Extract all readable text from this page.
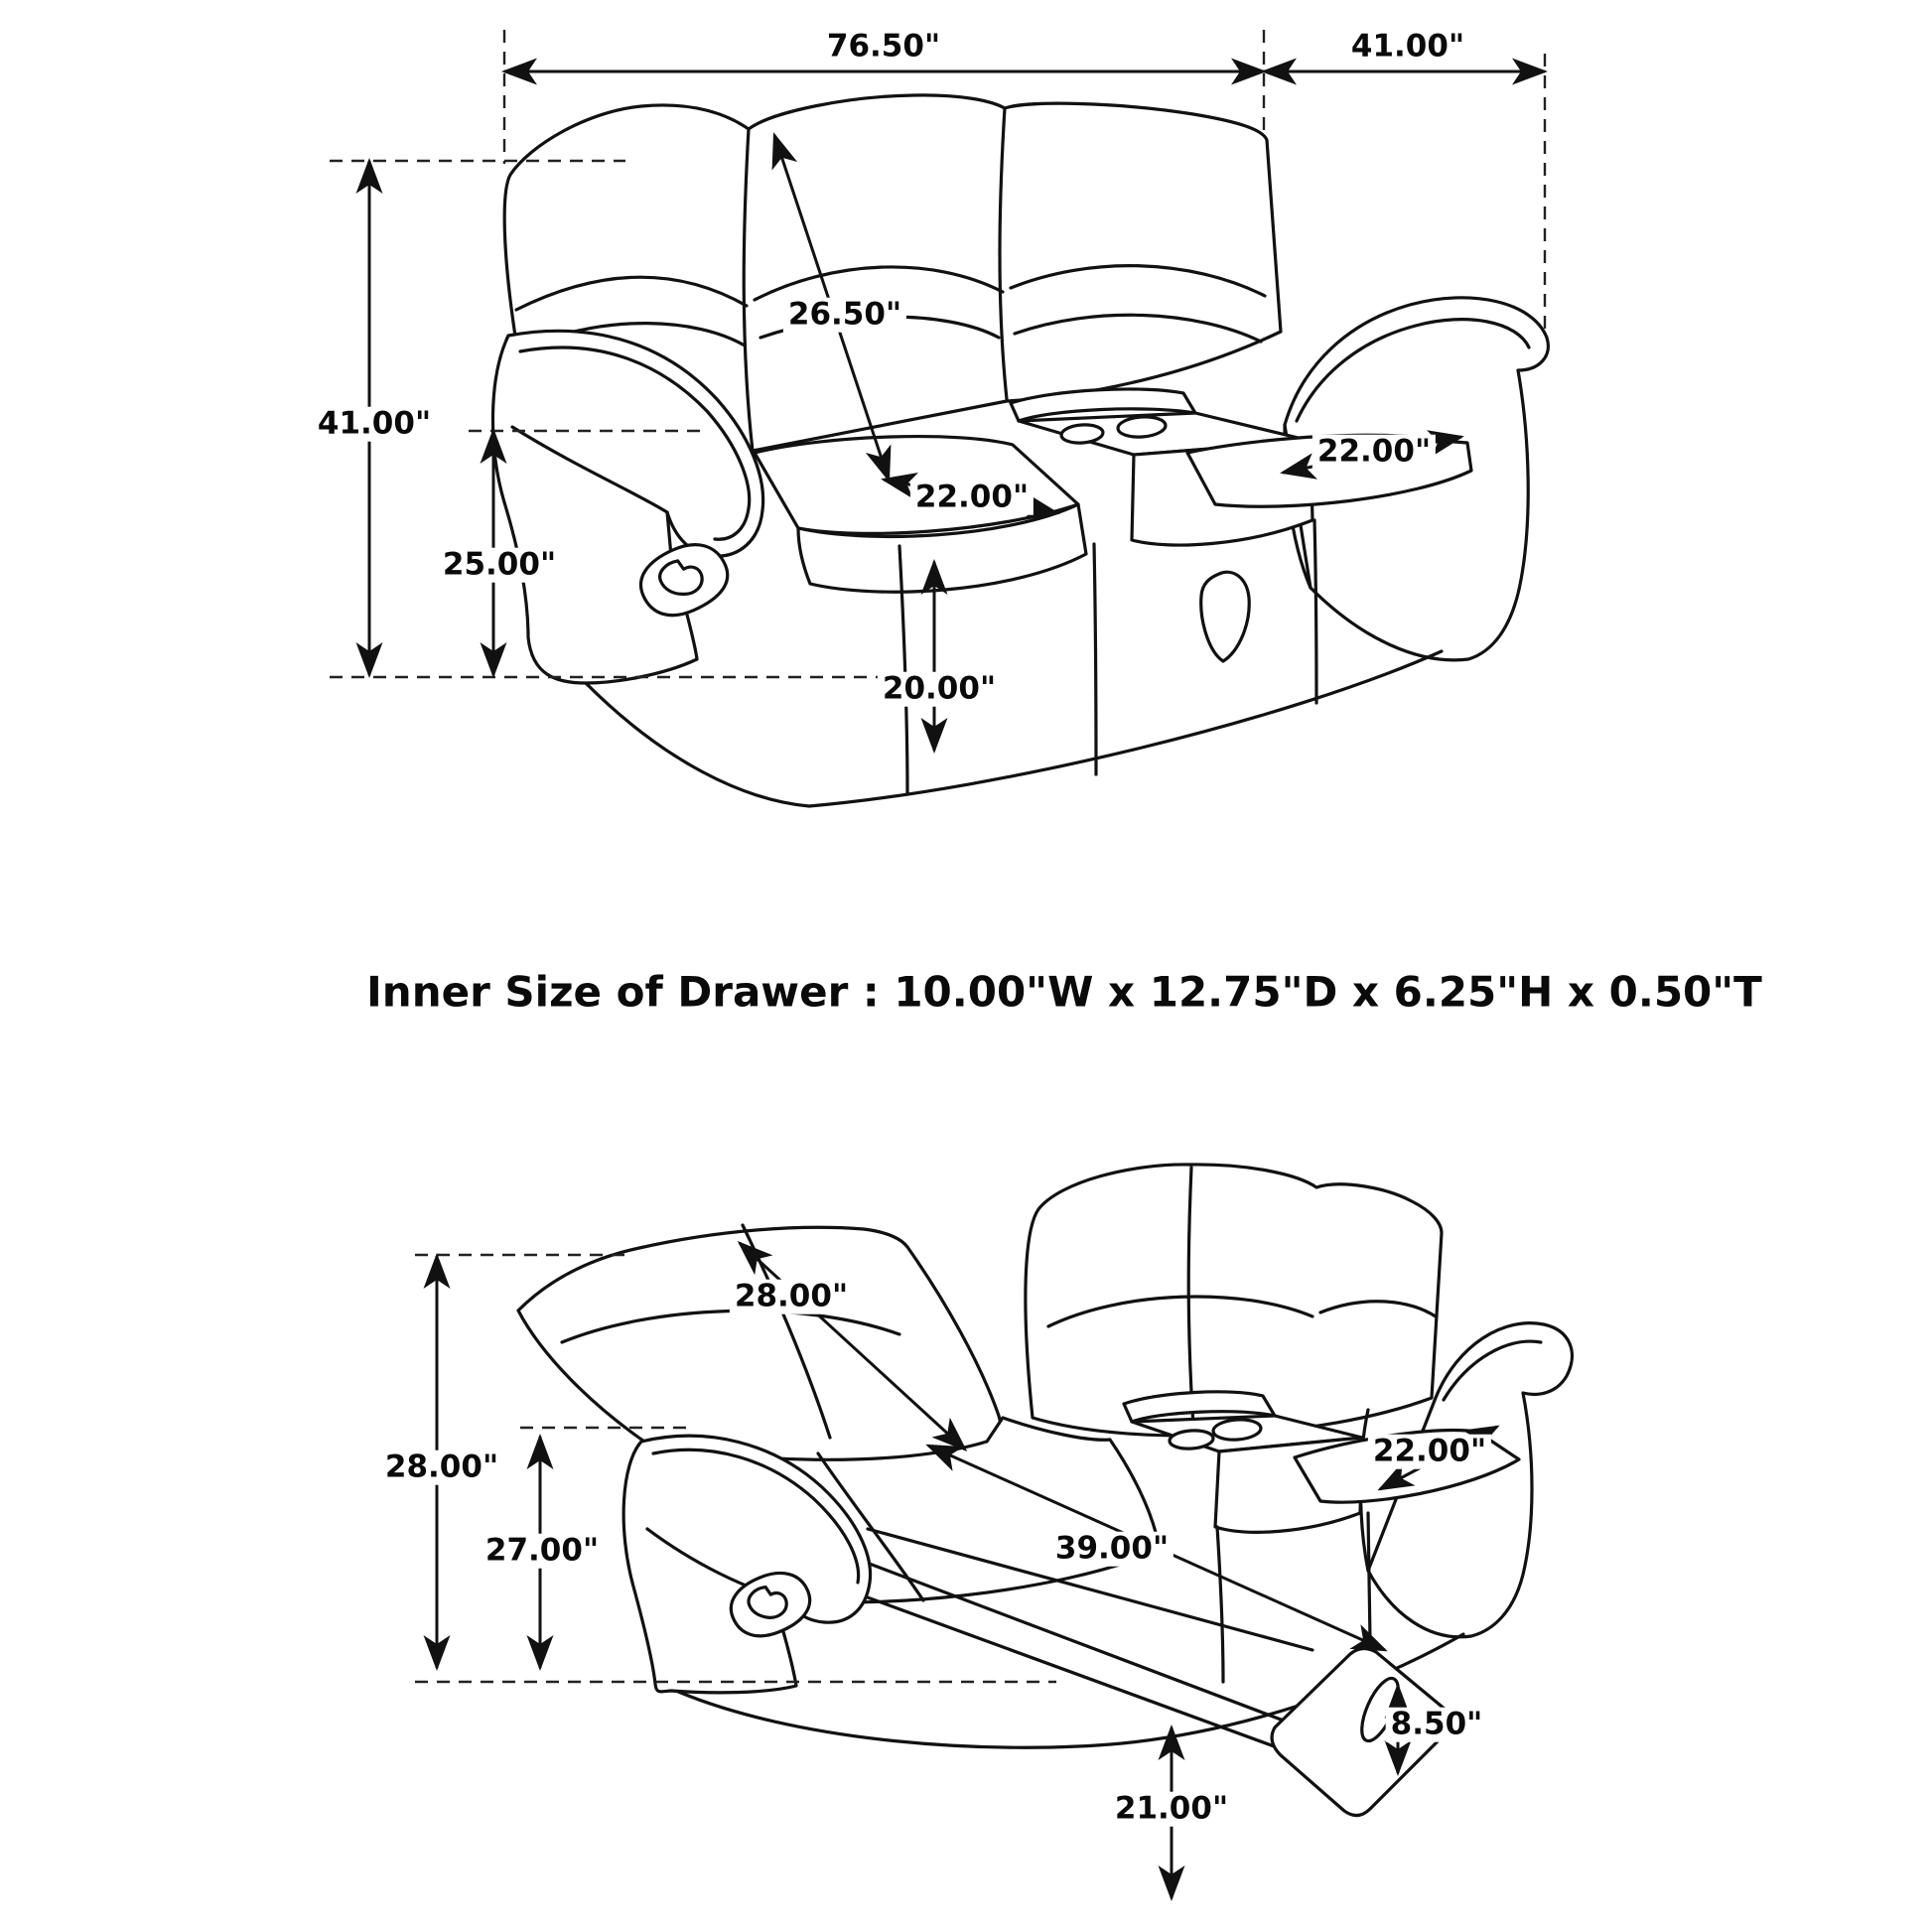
76.50"	41.00"
41.00"
26.50"
25.00"
22.00"
22.00"
20.00"
Inner Size of Drawer : 10.00"W x 12.75"D x 6.25"H x 0.50"T
28.00"
27.00"
28.00"
22.00"
39.00"
8.50"
21.00"
